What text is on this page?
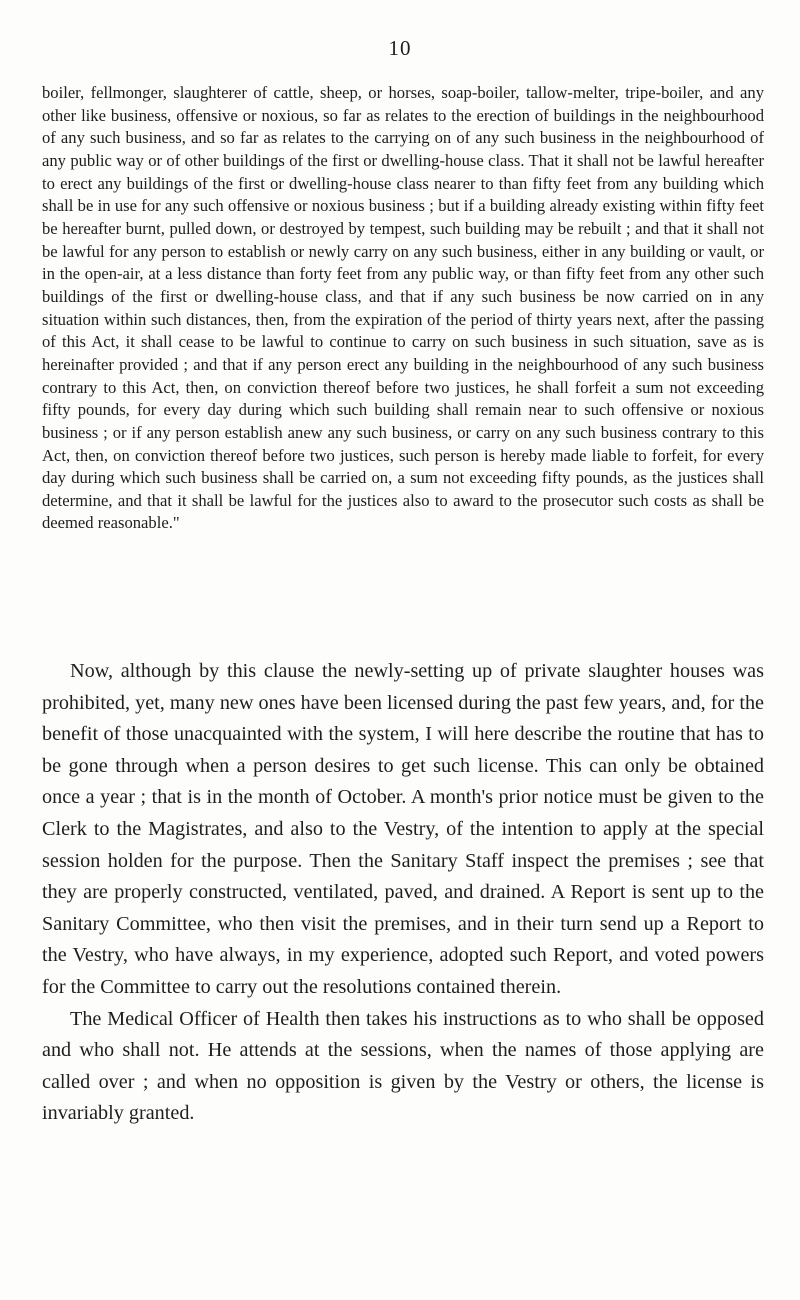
10
boiler, fellmonger, slaughterer of cattle, sheep, or horses, soap-boiler, tallow-melter, tripe-boiler, and any other like business, offensive or noxious, so far as relates to the erection of buildings in the neighbourhood of any such business, and so far as relates to the carrying on of any such business in the neighbourhood of any public way or of other buildings of the first or dwelling-house class. That it shall not be lawful hereafter to erect any buildings of the first or dwelling-house class nearer to than fifty feet from any building which shall be in use for any such offensive or noxious business ; but if a building already existing within fifty feet be hereafter burnt, pulled down, or destroyed by tempest, such building may be rebuilt ; and that it shall not be lawful for any person to establish or newly carry on any such business, either in any building or vault, or in the open-air, at a less distance than forty feet from any public way, or than fifty feet from any other such buildings of the first or dwelling-house class, and that if any such business be now carried on in any situation within such distances, then, from the expiration of the period of thirty years next, after the passing of this Act, it shall cease to be lawful to continue to carry on such business in such situation, save as is hereinafter provided ; and that if any person erect any building in the neighbourhood of any such business contrary to this Act, then, on conviction thereof before two justices, he shall forfeit a sum not exceeding fifty pounds, for every day during which such building shall remain near to such offensive or noxious business ; or if any person establish anew any such business, or carry on any such business contrary to this Act, then, on conviction thereof before two justices, such person is hereby made liable to forfeit, for every day during which such business shall be carried on, a sum not exceeding fifty pounds, as the justices shall determine, and that it shall be lawful for the justices also to award to the prosecutor such costs as shall be deemed reasonable."

Now, although by this clause the newly-setting up of private slaughter houses was prohibited, yet, many new ones have been licensed during the past few years, and, for the benefit of those unacquainted with the system, I will here describe the routine that has to be gone through when a person desires to get such license. This can only be obtained once a year ; that is in the month of October. A month's prior notice must be given to the Clerk to the Magistrates, and also to the Vestry, of the intention to apply at the special session holden for the purpose. Then the Sanitary Staff inspect the premises ; see that they are properly constructed, ventilated, paved, and drained. A Report is sent up to the Sanitary Committee, who then visit the premises, and in their turn send up a Report to the Vestry, who have always, in my experience, adopted such Report, and voted powers for the Committee to carry out the resolutions contained therein.

The Medical Officer of Health then takes his instructions as to who shall be opposed and who shall not. He attends at the sessions, when the names of those applying are called over ; and when no opposition is given by the Vestry or others, the license is invariably granted.
